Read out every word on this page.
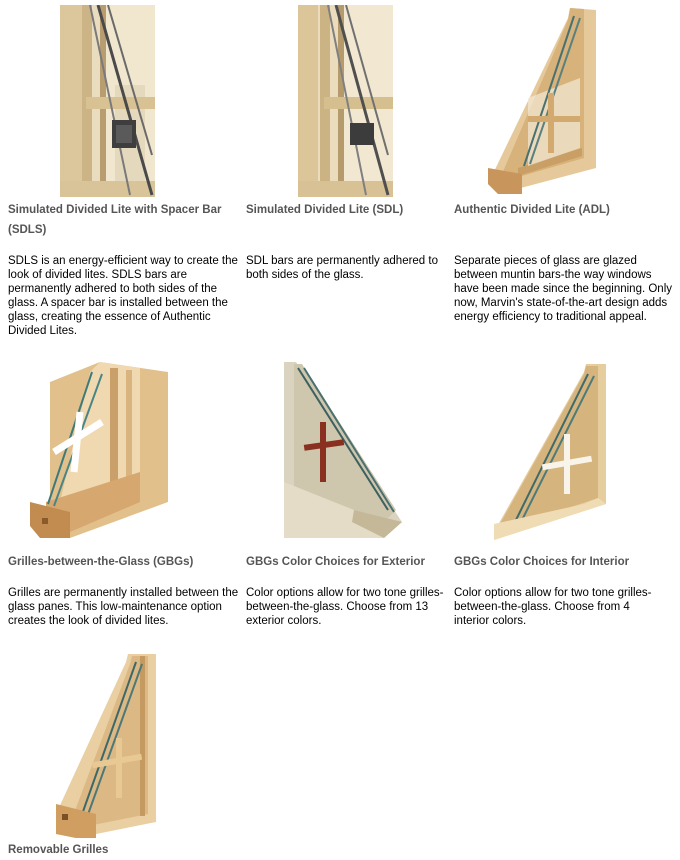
Simulated Divided Lite with Spacer Bar (SDLS)
SDLS is an energy-efficient way to create the look of divided lites. SDLS bars are permanently adhered to both sides of the glass. A spacer bar is installed between the glass, creating the essence of Authentic Divided Lites.
Simulated Divided Lite (SDL)
SDL bars are permanently adhered to both sides of the glass.
Authentic Divided Lite (ADL)
Separate pieces of glass are glazed between muntin bars-the way windows have been made since the beginning. Only now, Marvin's state-of-the-art design adds energy efficiency to traditional appeal.
Grilles-between-the-Glass (GBGs)
Grilles are permanently installed between the glass panes. This low-maintenance option creates the look of divided lites.
GBGs Color Choices for Exterior
Color options allow for two tone grilles-between-the-glass. Choose from 13 exterior colors.
GBGs Color Choices for Interior
Color options allow for two tone grilles-between-the-glass. Choose from 4 interior colors.
Removable Grilles
